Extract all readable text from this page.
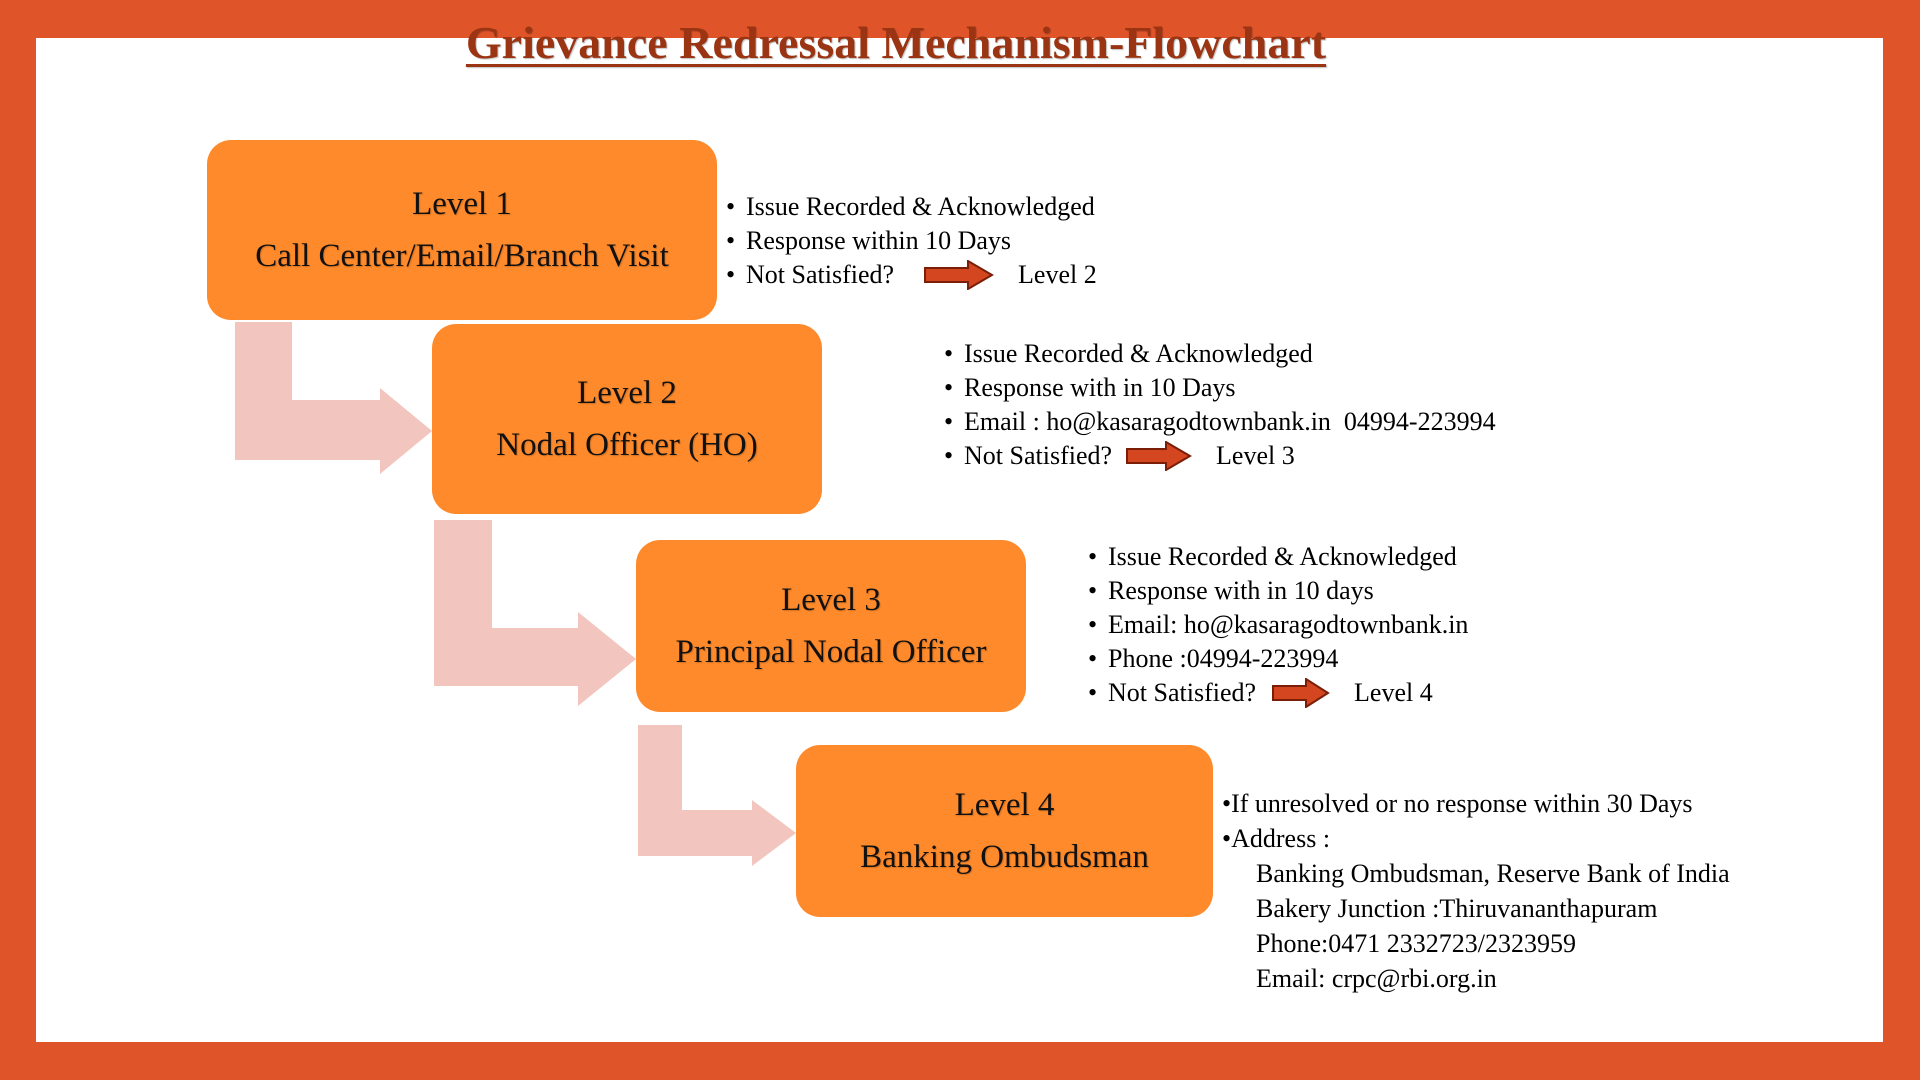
Grievance Redressal Mechanism-Flowchart
Level 1
Call Center/Email/Branch Visit
Level 2
Nodal Officer (HO)
Level 3
Principal Nodal Officer
Level 4
Banking Ombudsman
• Issue Recorded & Acknowledged
• Response within 10 Days
• Not Satisfied?	Level 2
• Issue Recorded & Acknowledged
• Response with in 10 Days
• Email : ho@kasaragodtownbank.in  04994-223994
• Not Satisfied?	Level 3
• Issue Recorded & Acknowledged
• Response with in 10 days
• Email: ho@kasaragodtownbank.in
• Phone :04994-223994
• Not Satisfied?	Level 4
• If unresolved or no response within 30 Days
• Address :
Banking Ombudsman, Reserve Bank of India
Bakery Junction :Thiruvananthapuram
Phone:0471 2332723/2323959
Email: crpc@rbi.org.in
